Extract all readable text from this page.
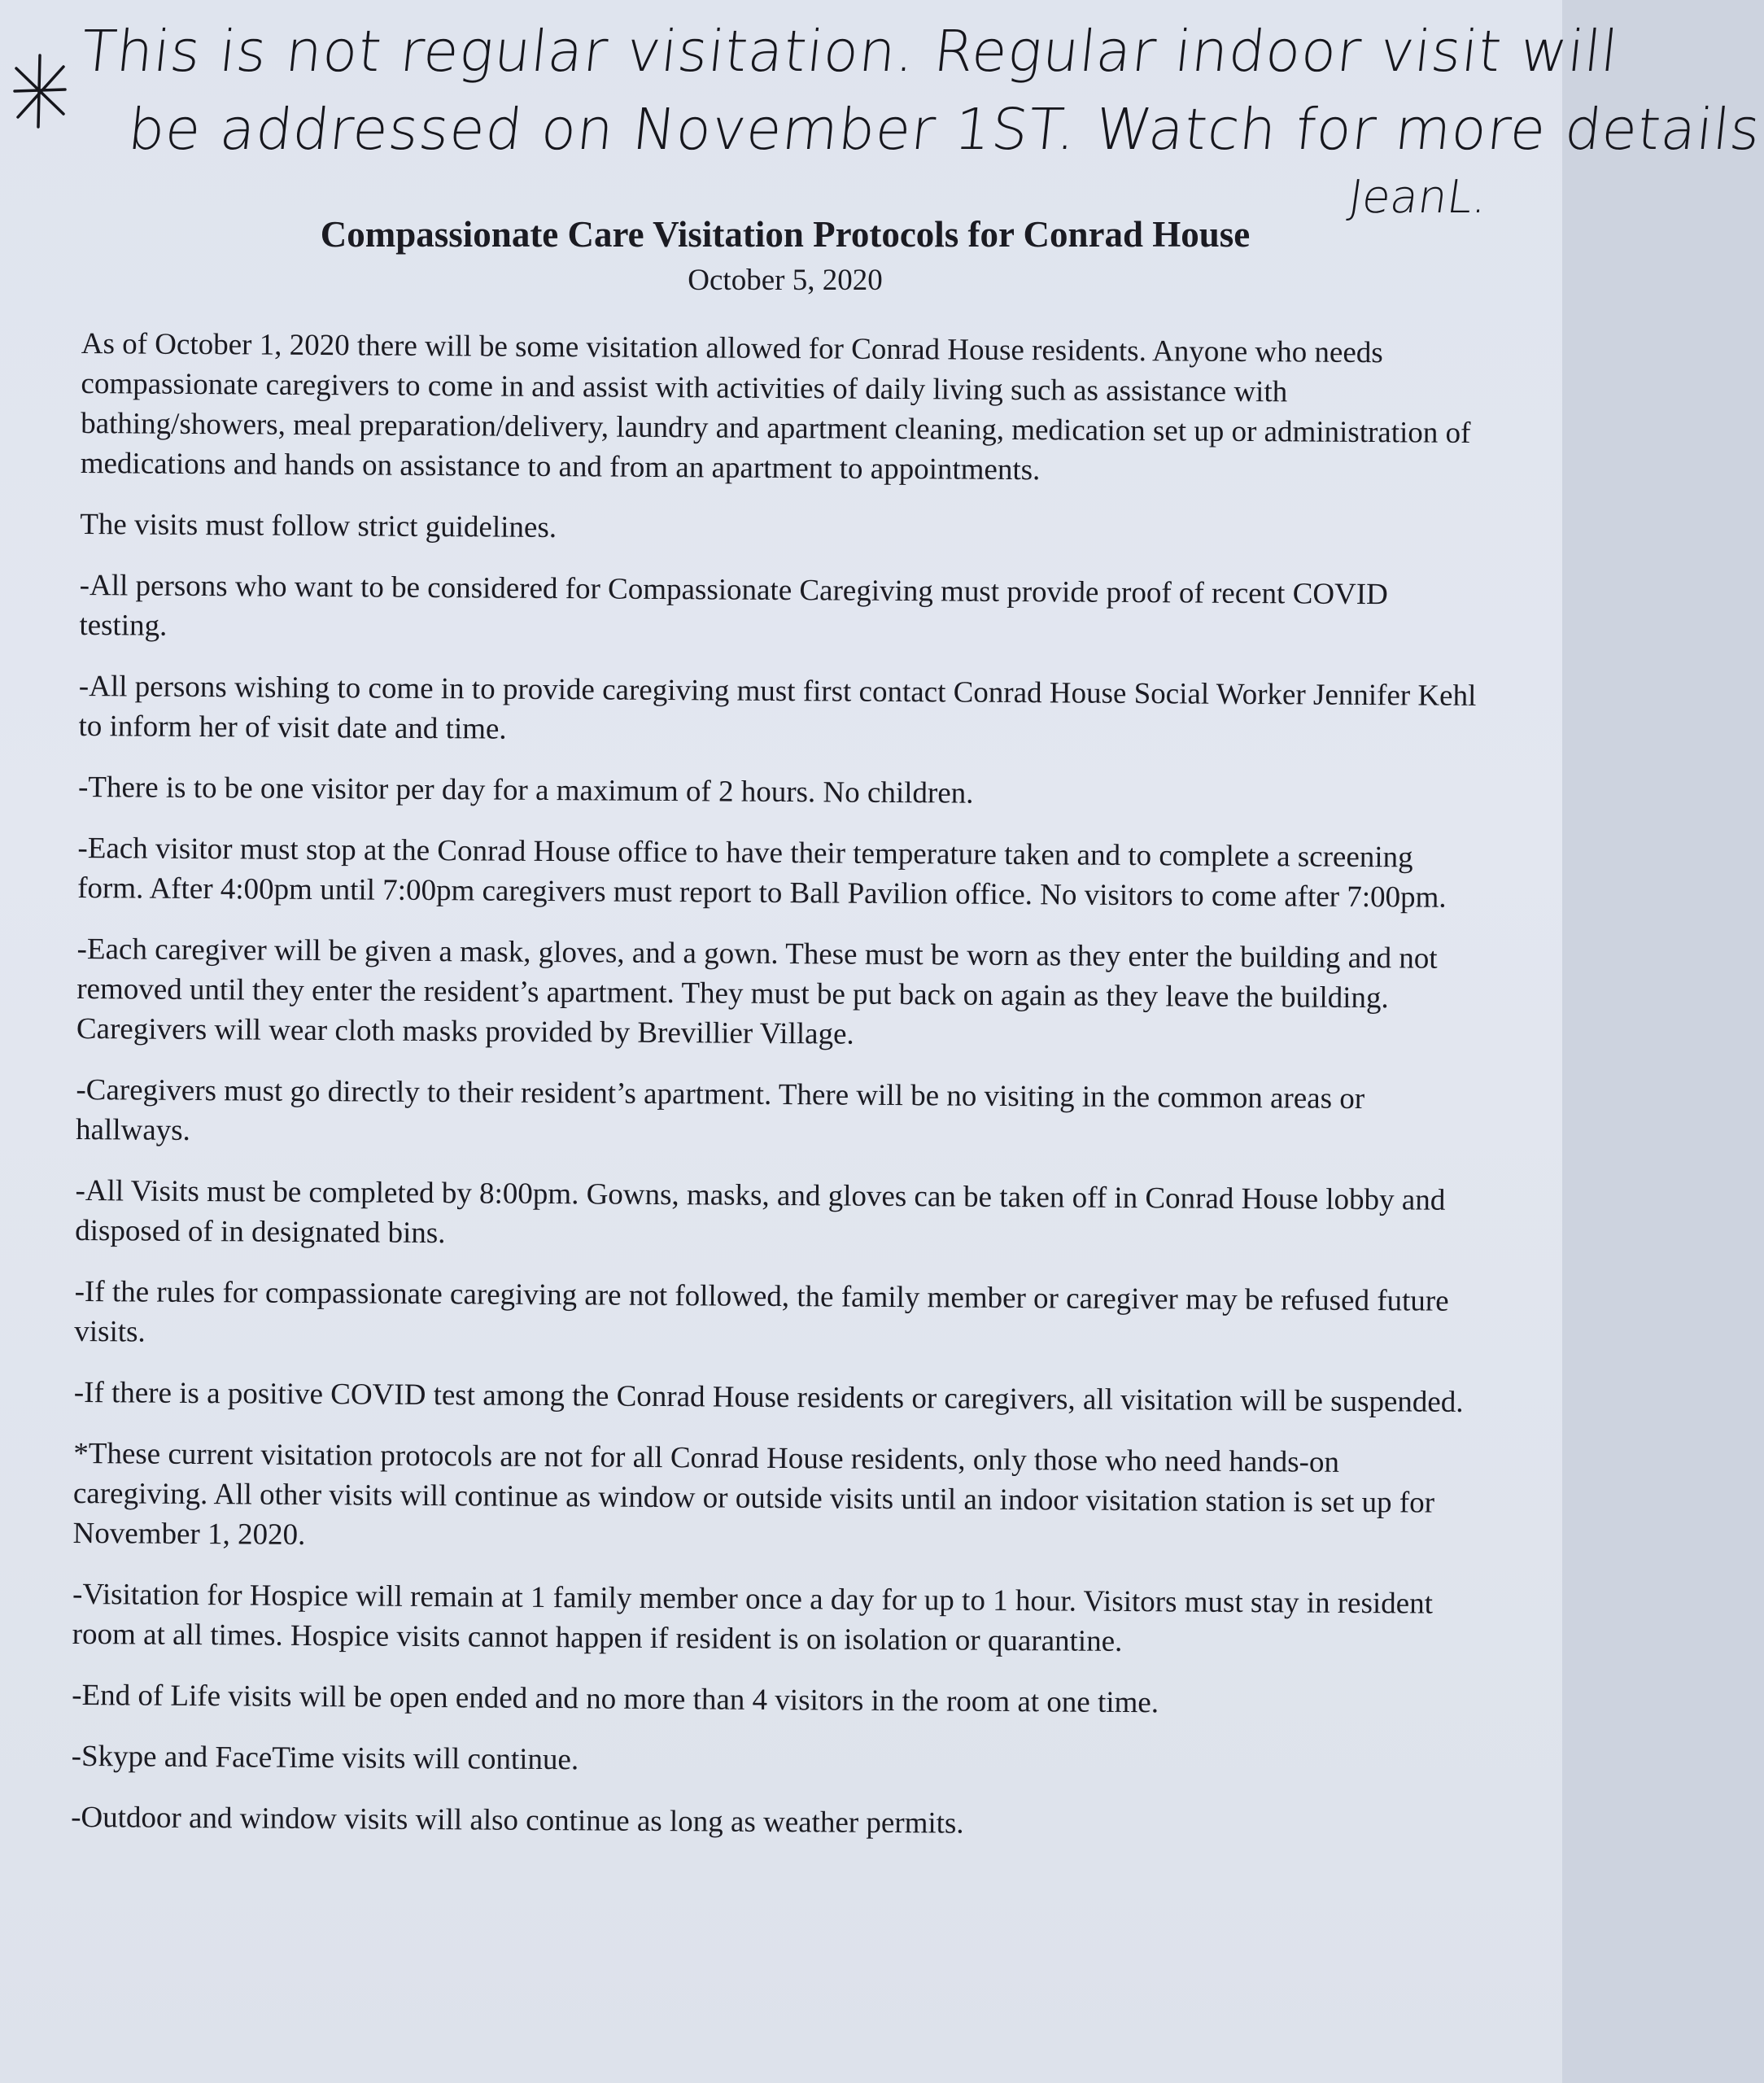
This is not regular visitation. Regular indoor visit will
be addressed on November 1ST. Watch for more details
JeanL.
Compassionate Care Visitation Protocols for Conrad House
October 5, 2020

As of October 1, 2020 there will be some visitation allowed for Conrad House residents. Anyone who needs compassionate caregivers to come in and assist with activities of daily living such as assistance with bathing/showers, meal preparation/delivery, laundry and apartment cleaning, medication set up or administration of medications and hands on assistance to and from an apartment to appointments.

The visits must follow strict guidelines.

-All persons who want to be considered for Compassionate Caregiving must provide proof of recent COVID testing.

-All persons wishing to come in to provide caregiving must first contact Conrad House Social Worker Jennifer Kehl to inform her of visit date and time.

-There is to be one visitor per day for a maximum of 2 hours. No children.

-Each visitor must stop at the Conrad House office to have their temperature taken and to complete a screening form. After 4:00pm until 7:00pm caregivers must report to Ball Pavilion office. No visitors to come after 7:00pm.

-Each caregiver will be given a mask, gloves, and a gown. These must be worn as they enter the building and not removed until they enter the resident’s apartment. They must be put back on again as they leave the building. Caregivers will wear cloth masks provided by Brevillier Village.

-Caregivers must go directly to their resident’s apartment. There will be no visiting in the common areas or hallways.

-All Visits must be completed by 8:00pm. Gowns, masks, and gloves can be taken off in Conrad House lobby and disposed of in designated bins.

-If the rules for compassionate caregiving are not followed, the family member or caregiver may be refused future visits.

-If there is a positive COVID test among the Conrad House residents or caregivers, all visitation will be suspended.

*These current visitation protocols are not for all Conrad House residents, only those who need hands-on caregiving. All other visits will continue as window or outside visits until an indoor visitation station is set up for November 1, 2020.

-Visitation for Hospice will remain at 1 family member once a day for up to 1 hour. Visitors must stay in resident room at all times. Hospice visits cannot happen if resident is on isolation or quarantine.

-End of Life visits will be open ended and no more than 4 visitors in the room at one time.

-Skype and FaceTime visits will continue.

-Outdoor and window visits will also continue as long as weather permits.
